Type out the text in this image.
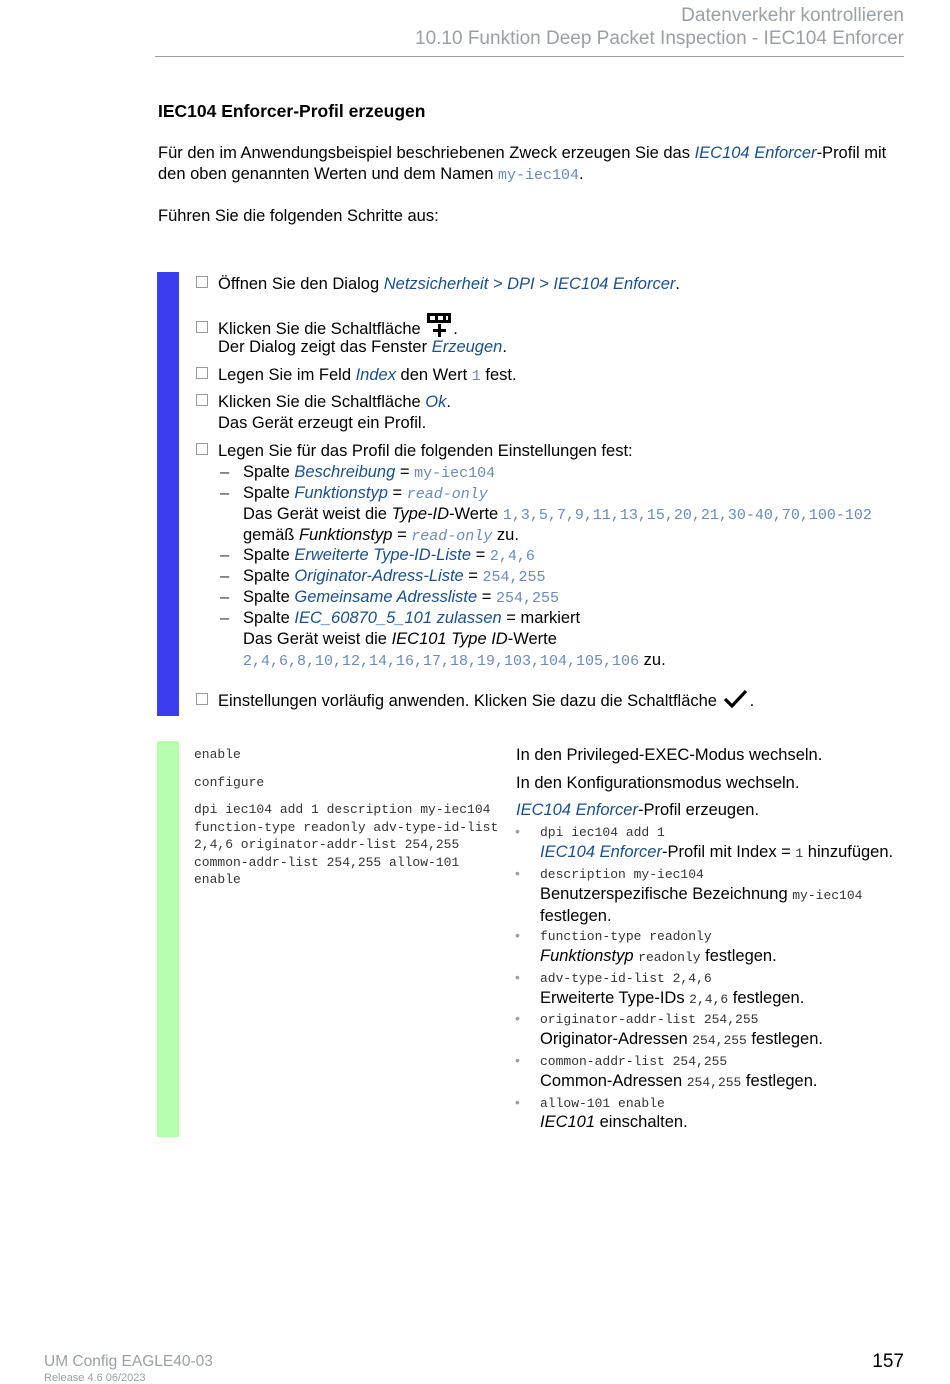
Datenverkehr kontrollieren
10.10 Funktion Deep Packet Inspection - IEC104 Enforcer
IEC104 Enforcer-Profil erzeugen
Für den im Anwendungsbeispiel beschriebenen Zweck erzeugen Sie das IEC104 Enforcer-Profil mit
den oben genannten Werten und dem Namen my-iec104.
Führen Sie die folgenden Schritte aus:
Öffnen Sie den Dialog Netzsicherheit > DPI > IEC104 Enforcer.
Klicken Sie die Schaltfläche .
Der Dialog zeigt das Fenster Erzeugen.
Legen Sie im Feld Index den Wert 1 fest.
Klicken Sie die Schaltfläche Ok.
Das Gerät erzeugt ein Profil.
Legen Sie für das Profil die folgenden Einstellungen fest:
– Spalte Beschreibung = my-iec104
– Spalte Funktionstyp = read-only
Das Gerät weist die Type-ID-Werte 1,3,5,7,9,11,13,15,20,21,30-40,70,100-102
gemäß Funktionstyp = read-only zu.
– Spalte Erweiterte Type-ID-Liste = 2,4,6
– Spalte Originator-Adress-Liste = 254,255
– Spalte Gemeinsame Adressliste = 254,255
– Spalte IEC_60870_5_101 zulassen = markiert
Das Gerät weist die IEC101 Type ID-Werte
2,4,6,8,10,12,14,16,17,18,19,103,104,105,106 zu.
Einstellungen vorläufig anwenden. Klicken Sie dazu die Schaltfläche .
enable	In den Privileged-EXEC-Modus wechseln.
configure	In den Konfigurationsmodus wechseln.
dpi iec104 add 1 description my-iec104
function-type readonly adv-type-id-list
2,4,6 originator-addr-list 254,255
common-addr-list 254,255 allow-101
enable
IEC104 Enforcer-Profil erzeugen.
• dpi iec104 add 1
IEC104 Enforcer-Profil mit Index = 1 hinzufügen.
• description my-iec104
Benutzerspezifische Bezeichnung my-iec104
festlegen.
• function-type readonly
Funktionstyp readonly festlegen.
• adv-type-id-list 2,4,6
Erweiterte Type-IDs 2,4,6 festlegen.
• originator-addr-list 254,255
Originator-Adressen 254,255 festlegen.
• common-addr-list 254,255
Common-Adressen 254,255 festlegen.
• allow-101 enable
IEC101 einschalten.
UM Config EAGLE40-03
Release 4.6 06/2023
157
